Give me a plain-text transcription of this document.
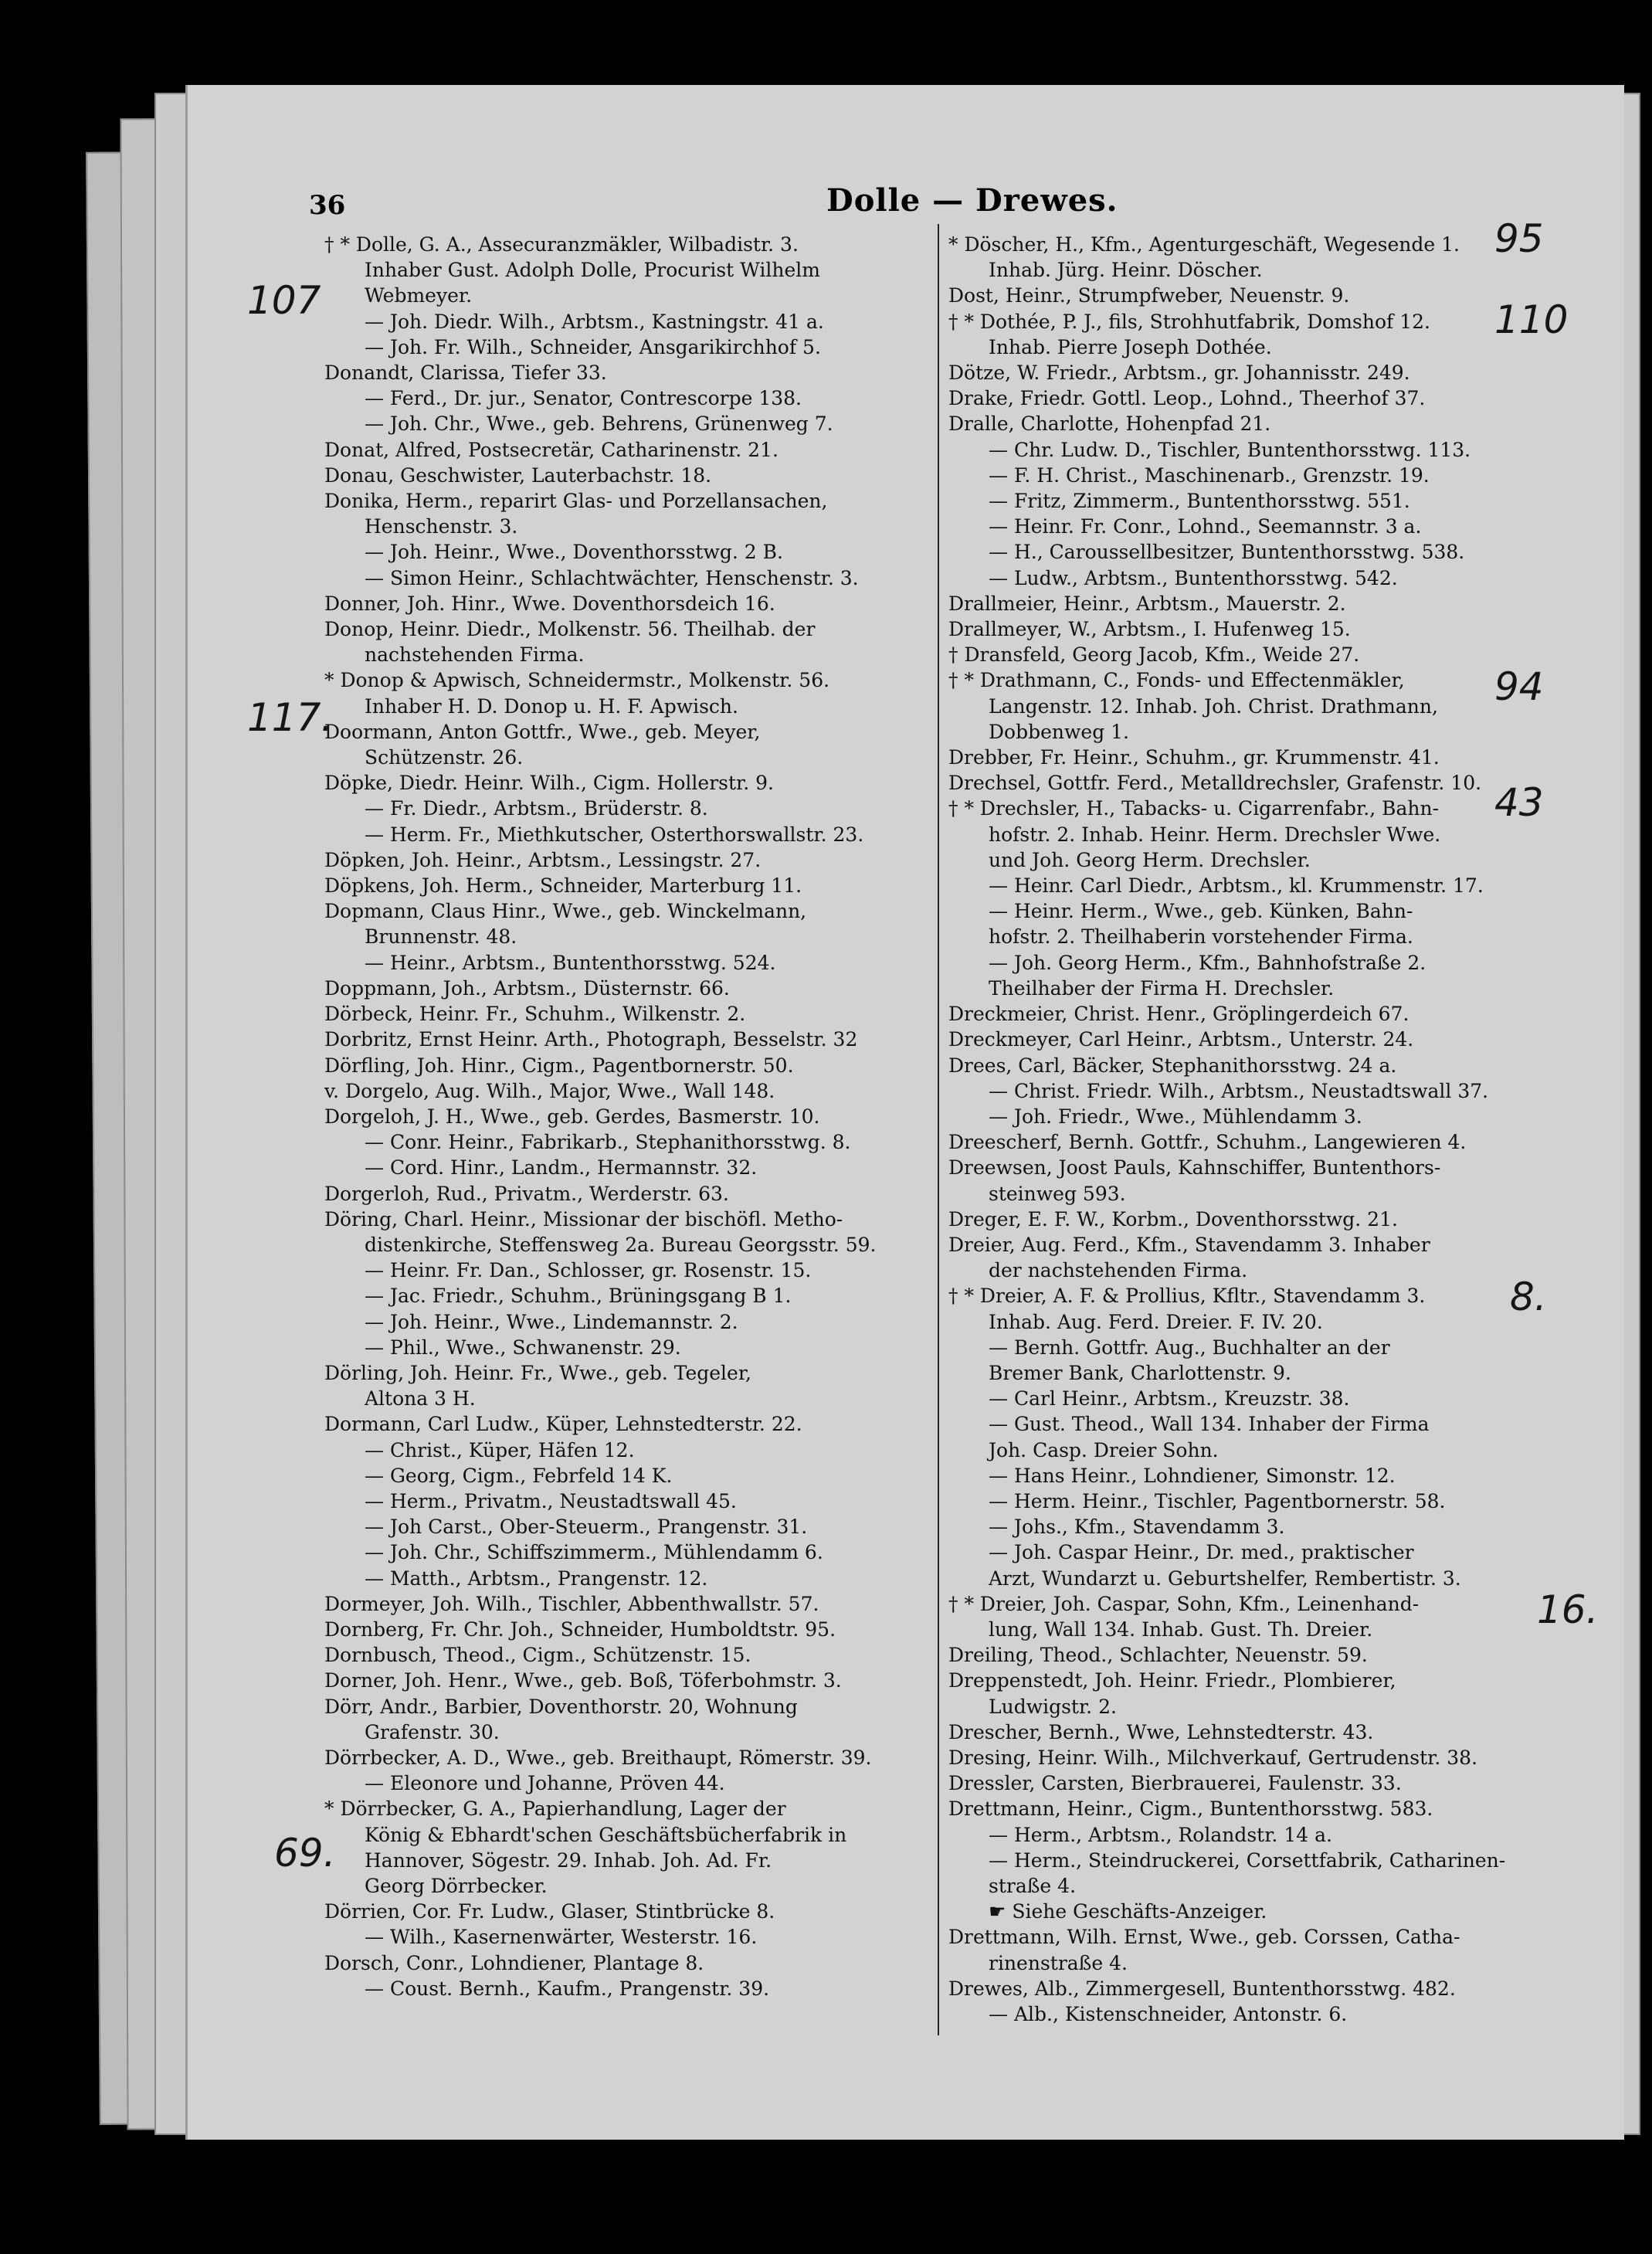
36	Dolle — Drewes.
† * Dolle, G. A., Assecuranzmäkler, Wilbadistr. 3.
Inhaber Gust. Adolph Dolle, Procurist Wilhelm
Webmeyer.
— Joh. Diedr. Wilh., Arbtsm., Kastningstr. 41 a.
— Joh. Fr. Wilh., Schneider, Ansgarikirchhof 5.
Donandt, Clarissa, Tiefer 33.
— Ferd., Dr. jur., Senator, Contrescorpe 138.
— Joh. Chr., Wwe., geb. Behrens, Grünenweg 7.
Donat, Alfred, Postsecretär, Catharinenstr. 21.
Donau, Geschwister, Lauterbachstr. 18.
Donika, Herm., reparirt Glas- und Porzellansachen,
Henschenstr. 3.
— Joh. Heinr., Wwe., Doventhorsstwg. 2 B.
— Simon Heinr., Schlachtwächter, Henschenstr. 3.
Donner, Joh. Hinr., Wwe. Doventhorsdeich 16.
Donop, Heinr. Diedr., Molkenstr. 56. Theilhab. der
nachstehenden Firma.
* Donop & Apwisch, Schneidermstr., Molkenstr. 56.
Inhaber H. D. Donop u. H. F. Apwisch.
Doormann, Anton Gottfr., Wwe., geb. Meyer,
Schützenstr. 26.
Döpke, Diedr. Heinr. Wilh., Cigm. Hollerstr. 9.
— Fr. Diedr., Arbtsm., Brüderstr. 8.
— Herm. Fr., Miethkutscher, Osterthorswallstr. 23.
Döpken, Joh. Heinr., Arbtsm., Lessingstr. 27.
Döpkens, Joh. Herm., Schneider, Marterburg 11.
Dopmann, Claus Hinr., Wwe., geb. Winckelmann,
Brunnenstr. 48.
— Heinr., Arbtsm., Buntenthorsstwg. 524.
Doppmann, Joh., Arbtsm., Düsternstr. 66.
Dörbeck, Heinr. Fr., Schuhm., Wilkenstr. 2.
Dorbritz, Ernst Heinr. Arth., Photograph, Besselstr. 32
Dörfling, Joh. Hinr., Cigm., Pagentbornerstr. 50.
v. Dorgelo, Aug. Wilh., Major, Wwe., Wall 148.
Dorgeloh, J. H., Wwe., geb. Gerdes, Basmerstr. 10.
— Conr. Heinr., Fabrikarb., Stephanithorsstwg. 8.
— Cord. Hinr., Landm., Hermannstr. 32.
Dorgerloh, Rud., Privatm., Werderstr. 63.
Döring, Charl. Heinr., Missionar der bischöfl. Metho-
distenkirche, Steffensweg 2a. Bureau Georgsstr. 59.
— Heinr. Fr. Dan., Schlosser, gr. Rosenstr. 15.
— Jac. Friedr., Schuhm., Brüningsgang B 1.
— Joh. Heinr., Wwe., Lindemannstr. 2.
— Phil., Wwe., Schwanenstr. 29.
Dörling, Joh. Heinr. Fr., Wwe., geb. Tegeler,
Altona 3 H.
Dormann, Carl Ludw., Küper, Lehnstedterstr. 22.
— Christ., Küper, Häfen 12.
— Georg, Cigm., Febrfeld 14 K.
— Herm., Privatm., Neustadtswall 45.
— Joh Carst., Ober-Steuerm., Prangenstr. 31.
— Joh. Chr., Schiffszimmerm., Mühlendamm 6.
— Matth., Arbtsm., Prangenstr. 12.
Dormeyer, Joh. Wilh., Tischler, Abbenthwallstr. 57.
Dornberg, Fr. Chr. Joh., Schneider, Humboldtstr. 95.
Dornbusch, Theod., Cigm., Schützenstr. 15.
Dorner, Joh. Henr., Wwe., geb. Boß, Töferbohmstr. 3.
Dörr, Andr., Barbier, Doventhorstr. 20, Wohnung
Grafenstr. 30.
Dörrbecker, A. D., Wwe., geb. Breithaupt, Römerstr. 39.
— Eleonore und Johanne, Pröven 44.
* Dörrbecker, G. A., Papierhandlung, Lager der
König & Ebhardt'schen Geschäftsbücherfabrik in
Hannover, Sögestr. 29. Inhab. Joh. Ad. Fr.
Georg Dörrbecker.
Dörrien, Cor. Fr. Ludw., Glaser, Stintbrücke 8.
— Wilh., Kasernenwärter, Westerstr. 16.
Dorsch, Conr., Lohndiener, Plantage 8.
— Coust. Bernh., Kaufm., Prangenstr. 39.
* Döscher, H., Kfm., Agenturgeschäft, Wegesende 1.
Inhab. Jürg. Heinr. Döscher.
Dost, Heinr., Strumpfweber, Neuenstr. 9.
† * Dothée, P. J., fils, Strohhutfabrik, Domshof 12.
Inhab. Pierre Joseph Dothée.
Dötze, W. Friedr., Arbtsm., gr. Johannisstr. 249.
Drake, Friedr. Gottl. Leop., Lohnd., Theerhof 37.
Dralle, Charlotte, Hohenpfad 21.
— Chr. Ludw. D., Tischler, Buntenthorsstwg. 113.
— F. H. Christ., Maschinenarb., Grenzstr. 19.
— Fritz, Zimmerm., Buntenthorsstwg. 551.
— Heinr. Fr. Conr., Lohnd., Seemannstr. 3 a.
— H., Caroussellbesitzer, Buntenthorsstwg. 538.
— Ludw., Arbtsm., Buntenthorsstwg. 542.
Drallmeier, Heinr., Arbtsm., Mauerstr. 2.
Drallmeyer, W., Arbtsm., I. Hufenweg 15.
† Dransfeld, Georg Jacob, Kfm., Weide 27.
† * Drathmann, C., Fonds- und Effectenmäkler,
Langenstr. 12. Inhab. Joh. Christ. Drathmann,
Dobbenweg 1.
Drebber, Fr. Heinr., Schuhm., gr. Krummenstr. 41.
Drechsel, Gottfr. Ferd., Metalldrechsler, Grafenstr. 10.
† * Drechsler, H., Tabacks- u. Cigarrenfabr., Bahn-
hofstr. 2. Inhab. Heinr. Herm. Drechsler Wwe.
und Joh. Georg Herm. Drechsler.
— Heinr. Carl Diedr., Arbtsm., kl. Krummenstr. 17.
— Heinr. Herm., Wwe., geb. Künken, Bahn-
hofstr. 2. Theilhaberin vorstehender Firma.
— Joh. Georg Herm., Kfm., Bahnhofstraße 2.
Theilhaber der Firma H. Drechsler.
Dreckmeier, Christ. Henr., Gröplingerdeich 67.
Dreckmeyer, Carl Heinr., Arbtsm., Unterstr. 24.
Drees, Carl, Bäcker, Stephanithorsstwg. 24 a.
— Christ. Friedr. Wilh., Arbtsm., Neustadtswall 37.
— Joh. Friedr., Wwe., Mühlendamm 3.
Dreescherf, Bernh. Gottfr., Schuhm., Langewieren 4.
Dreewsen, Joost Pauls, Kahnschiffer, Buntenthors-
steinweg 593.
Dreger, E. F. W., Korbm., Doventhorsstwg. 21.
Dreier, Aug. Ferd., Kfm., Stavendamm 3. Inhaber
der nachstehenden Firma.
† * Dreier, A. F. & Prollius, Kfltr., Stavendamm 3.
Inhab. Aug. Ferd. Dreier. F. IV. 20.
— Bernh. Gottfr. Aug., Buchhalter an der
Bremer Bank, Charlottenstr. 9.
— Carl Heinr., Arbtsm., Kreuzstr. 38.
— Gust. Theod., Wall 134. Inhaber der Firma
Joh. Casp. Dreier Sohn.
— Hans Heinr., Lohndiener, Simonstr. 12.
— Herm. Heinr., Tischler, Pagentbornerstr. 58.
— Johs., Kfm., Stavendamm 3.
— Joh. Caspar Heinr., Dr. med., praktischer
Arzt, Wundarzt u. Geburtshelfer, Rembertistr. 3.
† * Dreier, Joh. Caspar, Sohn, Kfm., Leinenhand-
lung, Wall 134. Inhab. Gust. Th. Dreier.
Dreiling, Theod., Schlachter, Neuenstr. 59.
Dreppenstedt, Joh. Heinr. Friedr., Plombierer,
Ludwigstr. 2.
Drescher, Bernh., Wwe, Lehnstedterstr. 43.
Dresing, Heinr. Wilh., Milchverkauf, Gertrudenstr. 38.
Dressler, Carsten, Bierbrauerei, Faulenstr. 33.
Drettmann, Heinr., Cigm., Buntenthorsstwg. 583.
— Herm., Arbtsm., Rolandstr. 14 a.
— Herm., Steindruckerei, Corsettfabrik, Catharinen-
straße 4.
☛ Siehe Geschäfts-Anzeiger.
Drettmann, Wilh. Ernst, Wwe., geb. Corssen, Catha-
rinenstraße 4.
Drewes, Alb., Zimmergesell, Buntenthorsstwg. 482.
— Alb., Kistenschneider, Antonstr. 6.
107
117.
69.
95
110
94
43
8.
16.
